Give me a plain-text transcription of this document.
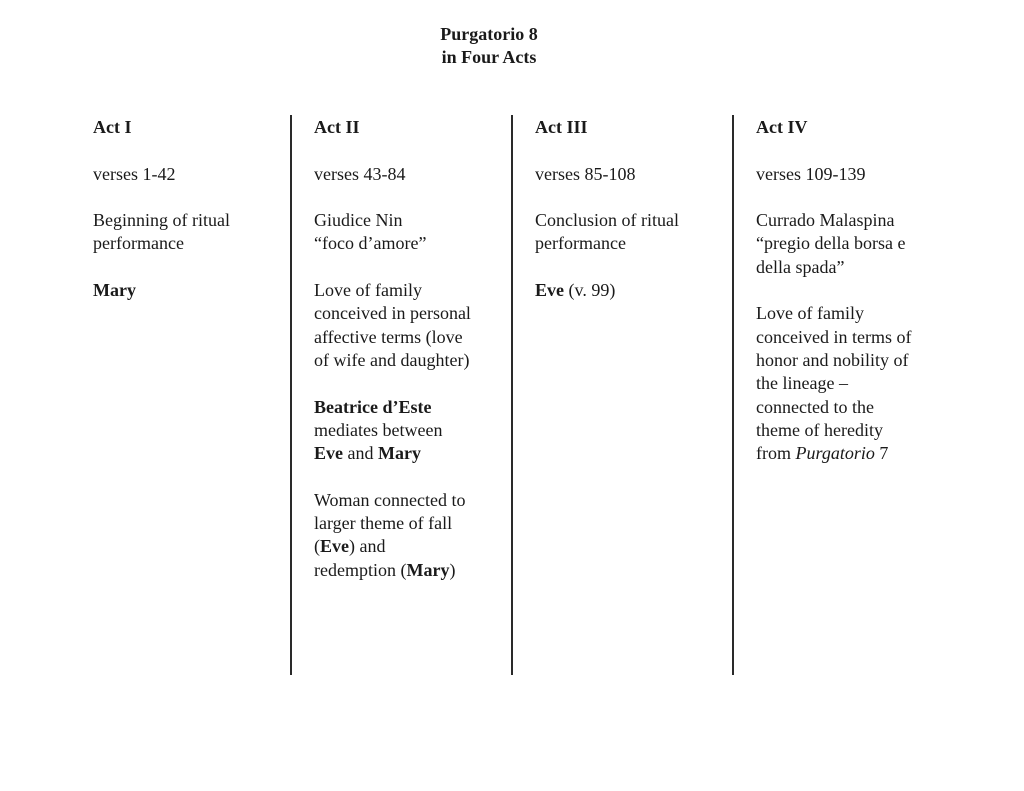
Purgatorio 8
in Four Acts
Act I
verses 1-42
Beginning of ritual
performance
Mary
Act II
verses 43-84
Giudice Nin
“foco d’amore”
Love of family
conceived in personal
affective terms (love
of wife and daughter)
Beatrice d’Este
mediates between
Eve and Mary
Woman connected to
larger theme of fall
(Eve) and
redemption (Mary)
Act III
verses 85-108
Conclusion of ritual
performance
Eve (v. 99)
Act IV
verses 109-139
Currado Malaspina
“pregio della borsa e
della spada”
Love of family
conceived in terms of
honor and nobility of
the lineage –
connected to the
theme of heredity
from Purgatorio 7
